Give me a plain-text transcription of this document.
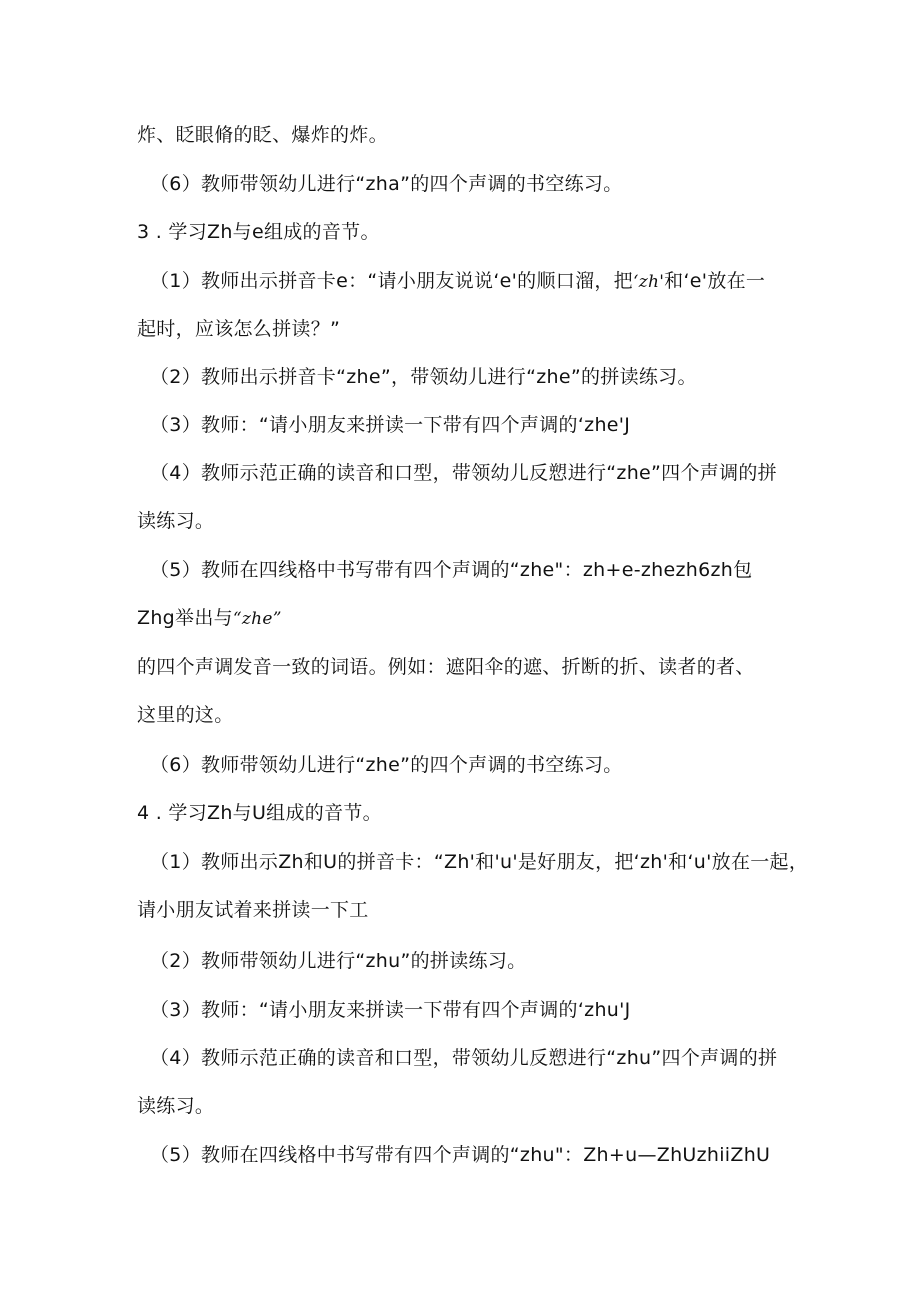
炸、眨眼脩的眨、爆炸的炸。
（6）教师带领幼儿进行“zha”的四个声调的书空练习。
3 . 学习Zh与e组成的音节。
（1）教师出示拼音卡e：“请小朋友说说‘e'的顺口溜，把‘zh'和‘e'放在一
起时，应该怎么拼读？”
（2）教师出示拼音卡“zhe”，带领幼儿进行“zhe”的拼读练习。
（3）教师：“请小朋友来拼读一下带有四个声调的‘zhe'J
（4）教师示范正确的读音和口型，带领幼儿反愬进行“zhe”四个声调的拼
读练习。
（5）教师在四线格中书写带有四个声调的“zhe"：zh+e-zhezh6zh包
Zhg举出与“zhe”
的四个声调发音一致的词语。例如：遮阳伞的遮、折断的折、读者的者、
这里的这。
（6）教师带领幼儿进行“zhe”的四个声调的书空练习。
4 . 学习Zh与U组成的音节。
（1）教师出示Zh和U的拼音卡：“Zh'和'u'是好朋友，把‘zh'和‘u'放在一起，
请小朋友试着来拼读一下工
（2）教师带领幼儿进行“zhu”的拼读练习。
（3）教师：“请小朋友来拼读一下带有四个声调的‘zhu'J
（4）教师示范正确的读音和口型，带领幼儿反愬进行“zhu”四个声调的拼
读练习。
（5）教师在四线格中书写带有四个声调的“zhu"：Zh+u—ZhUzhiiZhU
